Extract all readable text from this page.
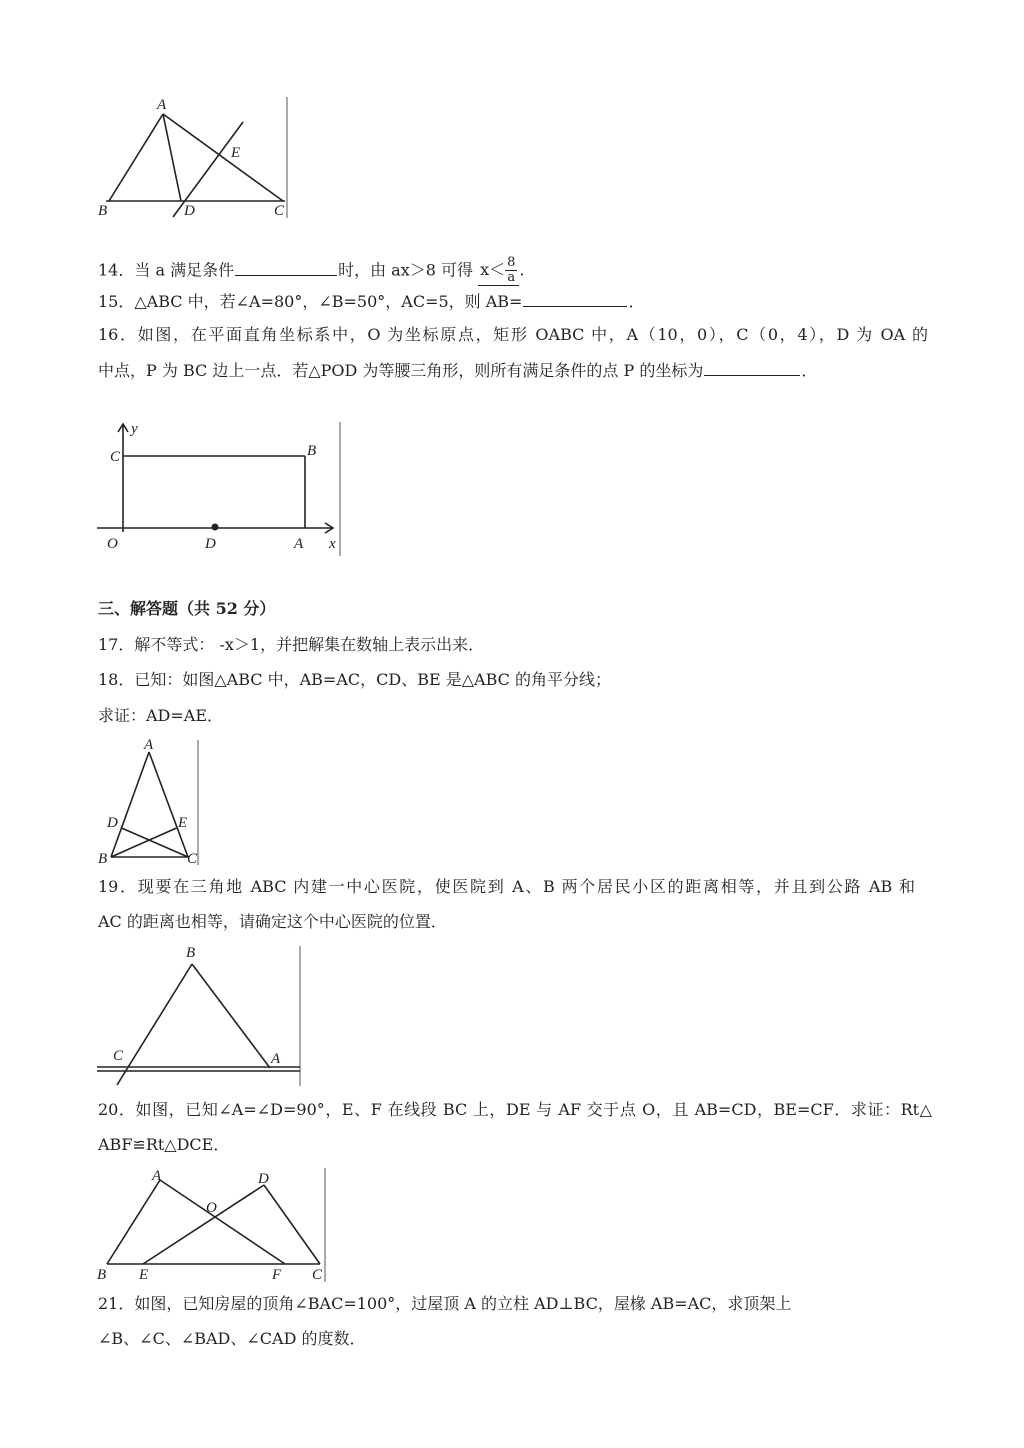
A
B	D	C
E
y
C	B
O	D	A x
A
D	E
B	C
B
C	A
A	D
O
B E	F C
14．当 a 满足条件	时，由 ax＞8 可得 $x< \frac{8}{a}$ .
15．△ABC 中，若∠A=80°，∠B=50°，AC=5，则 AB=	．
16．如图，在平面直角坐标系中，O 为坐标原点，矩形 OABC 中，A（10，0），C（0，4），D 为 OA 的
中点，P 为 BC 边上一点．若△POD 为等腰三角形，则所有满足条件的点 P 的坐标为	．
三、解答题（共 52 分）
17．解不等式： -x＞1，并把解集在数轴上表示出来．
18．已知：如图△ABC 中，AB=AC，CD、BE 是△ABC 的角平分线；
求证：AD=AE．
19．现要在三角地 ABC 内建一中心医院，使医院到 A、B 两个居民小区的距离相等，并且到公路 AB 和
AC 的距离也相等，请确定这个中心医院的位置．
20．如图，已知∠A=∠D=90°，E、F 在线段 BC 上，DE 与 AF 交于点 O，且 AB=CD，BE=CF．求证：Rt△
ABF≌Rt△DCE．
21．如图，已知房屋的顶角∠BAC=100°，过屋顶 A 的立柱 AD⊥BC，屋椽 AB=AC，求顶架上
∠B、∠C、∠BAD、∠CAD 的度数．
